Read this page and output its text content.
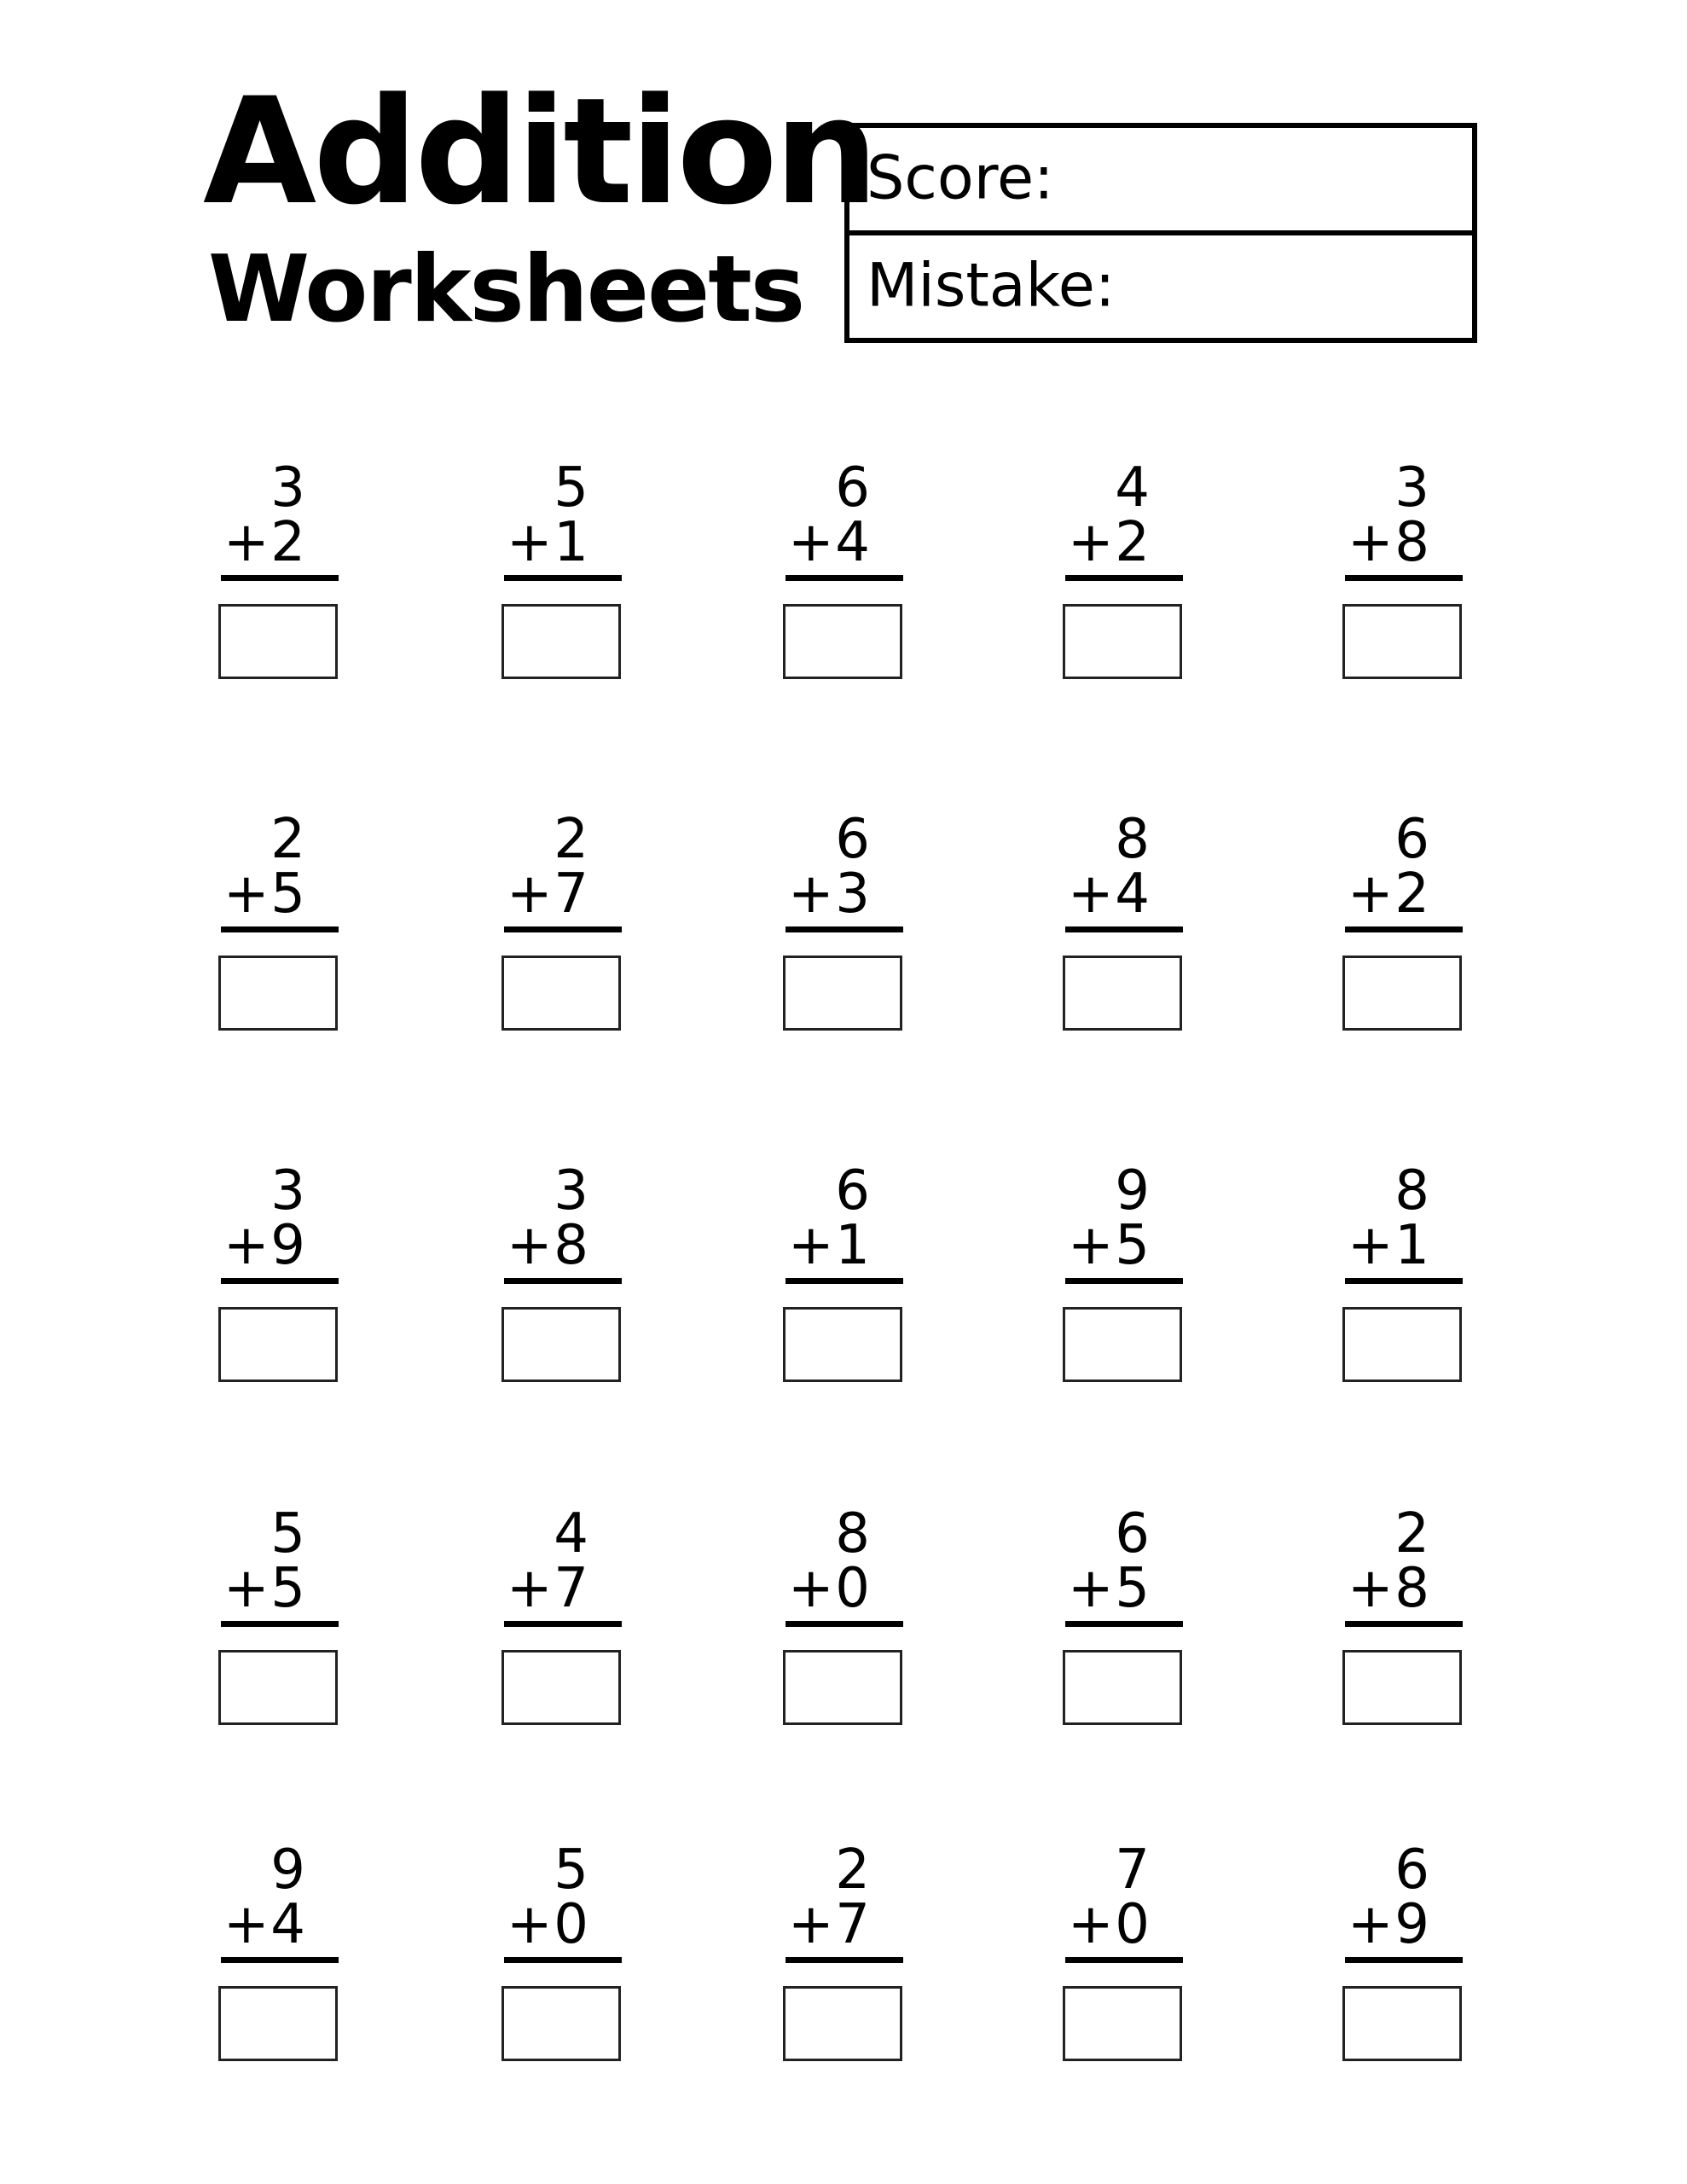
Addition
Worksheets
Score:
Mistake:
3
+ 2
5
+ 1
6
+ 4
4
+ 2
3
+ 8
2
+ 5
2
+ 7
6
+ 3
8
+ 4
6
+ 2
3
+ 9
3
+ 8
6
+ 1
9
+ 5
8
+ 1
5
+ 5
4
+ 7
8
+ 0
6
+ 5
2
+ 8
9
+ 4
5
+ 0
2
+ 7
7
+ 0
6
+ 9
